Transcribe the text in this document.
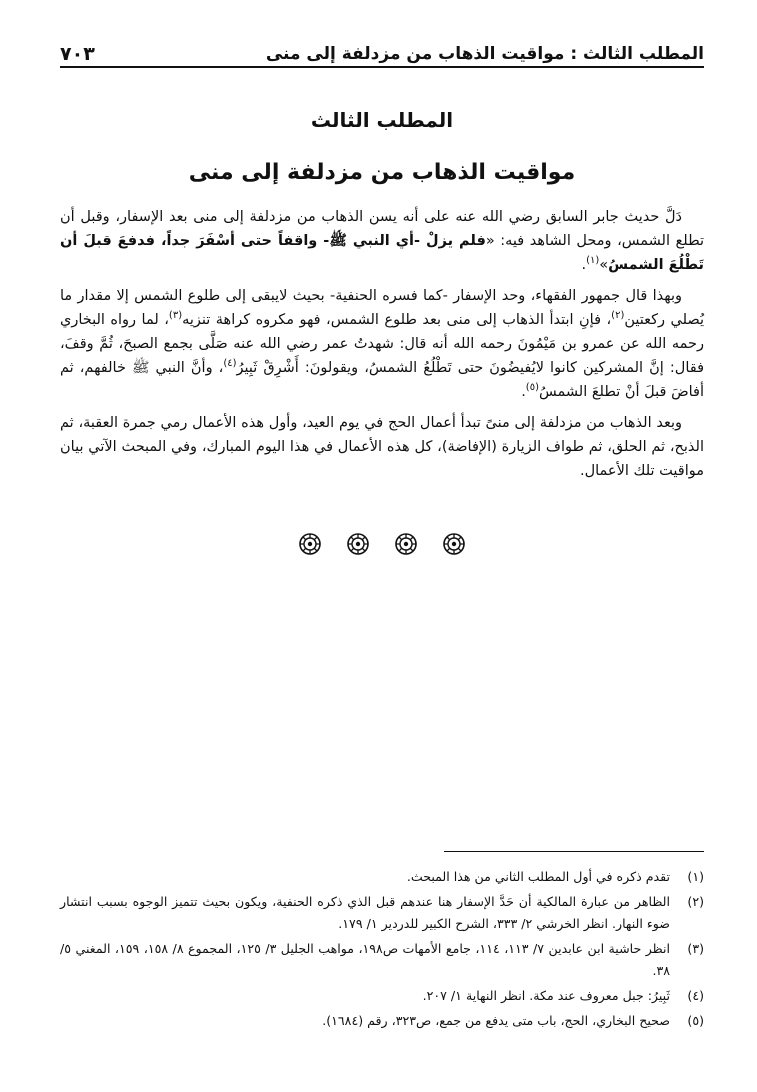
المطلب الثالث : مواقيت الذهاب من مزدلفة إلى منى
٧٠٣
المطلب الثالث
مواقيت الذهاب من مزدلفة إلى منى

دَلَّ حديث جابر السابق رضي الله عنه على أنه يسن الذهاب من مزدلفة إلى منى بعد الإسفار، وقبل أن تطلع الشمس، ومحل الشاهد فيه: «فلم يزلْ -أي النبي ﷺ- واقفاً حتى أسْفَرَ جداً، فدفعَ قبلَ أن تَطْلُعَ الشمسُ»$^{(١)}$.

وبهذا قال جمهور الفقهاء، وحد الإسفار -كما فسره الحنفية- بحيث لايبقى إلى طلوع الشمس إلا مقدار ما يُصلي ركعتين$^{(٢)}$، فإنِ ابتدأ الذهاب إلى منى بعد طلوع الشمس، فهو مكروه كراهة تنزيه$^{(٣)}$، لما رواه البخاري رحمه الله عن عمرو بن مَيْمُونَ رحمه الله أنه قال: شهدتُ عمر رضي الله عنه صَلَّى بجمع الصبحَ، ثُمَّ وقفَ، فقال: إنَّ المشركين كانوا لايُفيضُونَ حتى تَطْلُعُ الشمسُ، ويقولونَ: أَشْرِقْ ثَبِيرُ$^{(٤)}$، وأنَّ النبي ﷺ خالفهم، ثم أفاضَ قبلَ أنْ تطلعَ الشمسُ$^{(٥)}$.

وبعد الذهاب من مزدلفة إلى منىً تبدأ أعمال الحج في يوم العيد، وأول هذه الأعمال رمي جمرة العقبة، ثم الذبح، ثم الحلق، ثم طواف الزيارة (الإفاضة)، كل هذه الأعمال في هذا اليوم المبارك، وفي المبحث الآتي بيان مواقيت تلك الأعمال.

(١)
تقدم ذكره في أول المطلب الثاني من هذا المبحث.
(٢)
الظاهر من عبارة المالكية أن حَدَّ الإسفار هنا عندهم قبل الذي ذكره الحنفية، ويكون بحيث تتميز الوجوه بسبب انتشار ضوء النهار. انظر الخرشي ٢/ ٣٣٣، الشرح الكبير للدردير ١/ ١٧٩.
(٣)
انظر حاشية ابن عابدين ٧/ ١١٣، ١١٤، جامع الأمهات ص١٩٨، مواهب الجليل ٣/ ١٢٥، المجموع ٨/ ١٥٨، ١٥٩، المغني ٥/ ٣٨.
(٤)
ثَبِيرُ: جبل معروف عند مكة. انظر النهاية ١/ ٢٠٧.
(٥)
صحيح البخاري، الحج، باب متى يدفع من جمع، ص٣٢٣، رقم (١٦٨٤).
